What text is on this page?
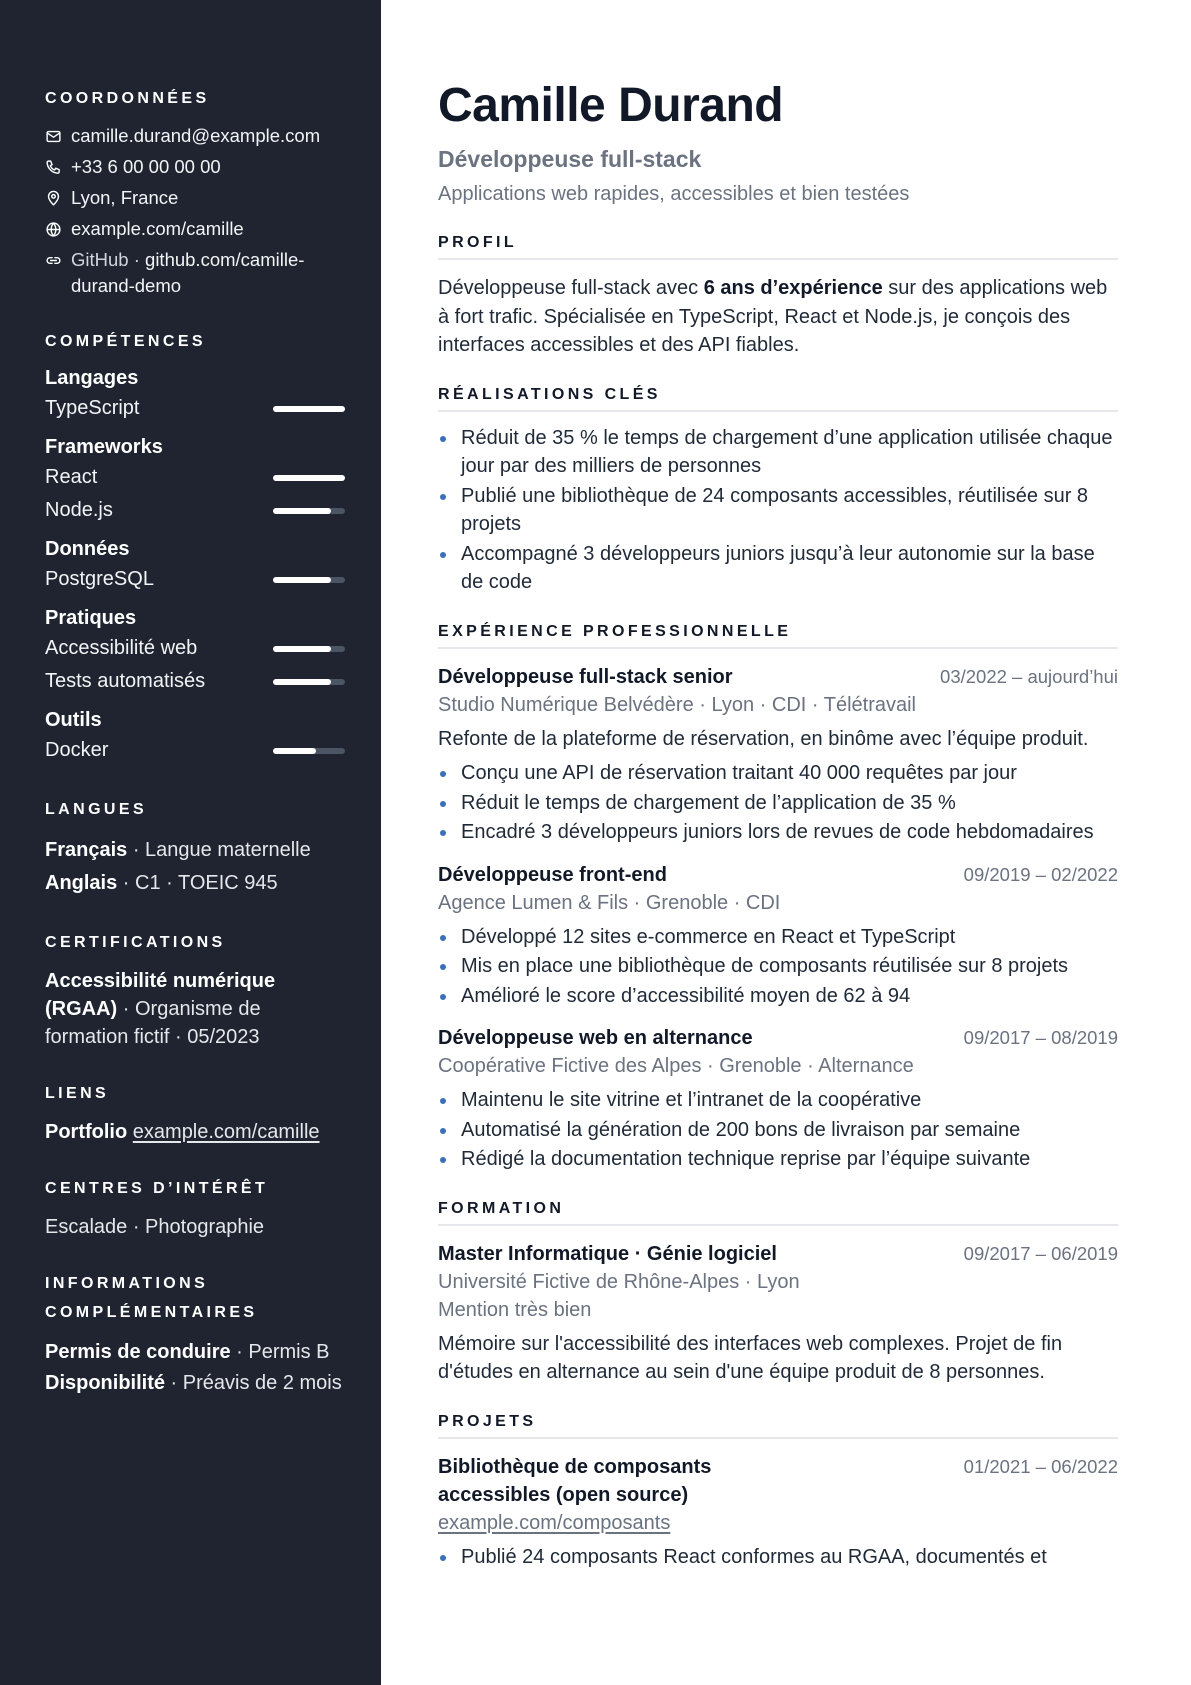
COORDONNÉES
camille.durand@example.com
+33 6 00 00 00 00
Lyon, France
example.com/camille
GitHub · github.com/camille-durand-demo
COMPÉTENCES
Langages
TypeScript
Frameworks
React
Node.js
Données
PostgreSQL
Pratiques
Accessibilité web
Tests automatisés
Outils
Docker
LANGUES
Français · Langue maternelle
Anglais · C1 · TOEIC 945
CERTIFICATIONS
Accessibilité numérique (RGAA) · Organisme de formation fictif · 05/2023
LIENS
Portfolio example.com/camille
CENTRES D’INTÉRÊT
Escalade · Photographie
INFORMATIONS COMPLÉMENTAIRES
Permis de conduire · Permis B
Disponibilité · Préavis de 2 mois
Camille Durand
Développeuse full-stack
Applications web rapides, accessibles et bien testées
PROFIL

Développeuse full-stack avec 6 ans d’expérience sur des applications web à fort trafic. Spécialisée en TypeScript, React et Node.js, je conçois des interfaces accessibles et des API fiables.

RÉALISATIONS CLÉS
Réduit de 35 % le temps de chargement d’une application utilisée chaque jour par des milliers de personnes
Publié une bibliothèque de 24 composants accessibles, réutilisée sur 8 projets
Accompagné 3 développeurs juniors jusqu’à leur autonomie sur la base de code
EXPÉRIENCE PROFESSIONNELLE
Développeuse full-stack senior	03/2022 – aujourd’hui
Studio Numérique Belvédère · Lyon · CDI · Télétravail

Refonte de la plateforme de réservation, en binôme avec l’équipe produit.

Conçu une API de réservation traitant 40 000 requêtes par jour
Réduit le temps de chargement de l’application de 35 %
Encadré 3 développeurs juniors lors de revues de code hebdomadaires
Développeuse front-end	09/2019 – 02/2022
Agence Lumen & Fils · Grenoble · CDI
Développé 12 sites e-commerce en React et TypeScript
Mis en place une bibliothèque de composants réutilisée sur 8 projets
Amélioré le score d’accessibilité moyen de 62 à 94
Développeuse web en alternance	09/2017 – 08/2019
Coopérative Fictive des Alpes · Grenoble · Alternance
Maintenu le site vitrine et l’intranet de la coopérative
Automatisé la génération de 200 bons de livraison par semaine
Rédigé la documentation technique reprise par l’équipe suivante
FORMATION
Master Informatique · Génie logiciel	09/2017 – 06/2019
Université Fictive de Rhône-Alpes · Lyon
Mention très bien

Mémoire sur l'accessibilité des interfaces web complexes. Projet de fin d'études en alternance au sein d'une équipe produit de 8 personnes.

PROJETS
Bibliothèque de composants accessibles (open source)
01/2021 – 06/2022
example.com/composants
Publié 24 composants React conformes au RGAA, documentés et
